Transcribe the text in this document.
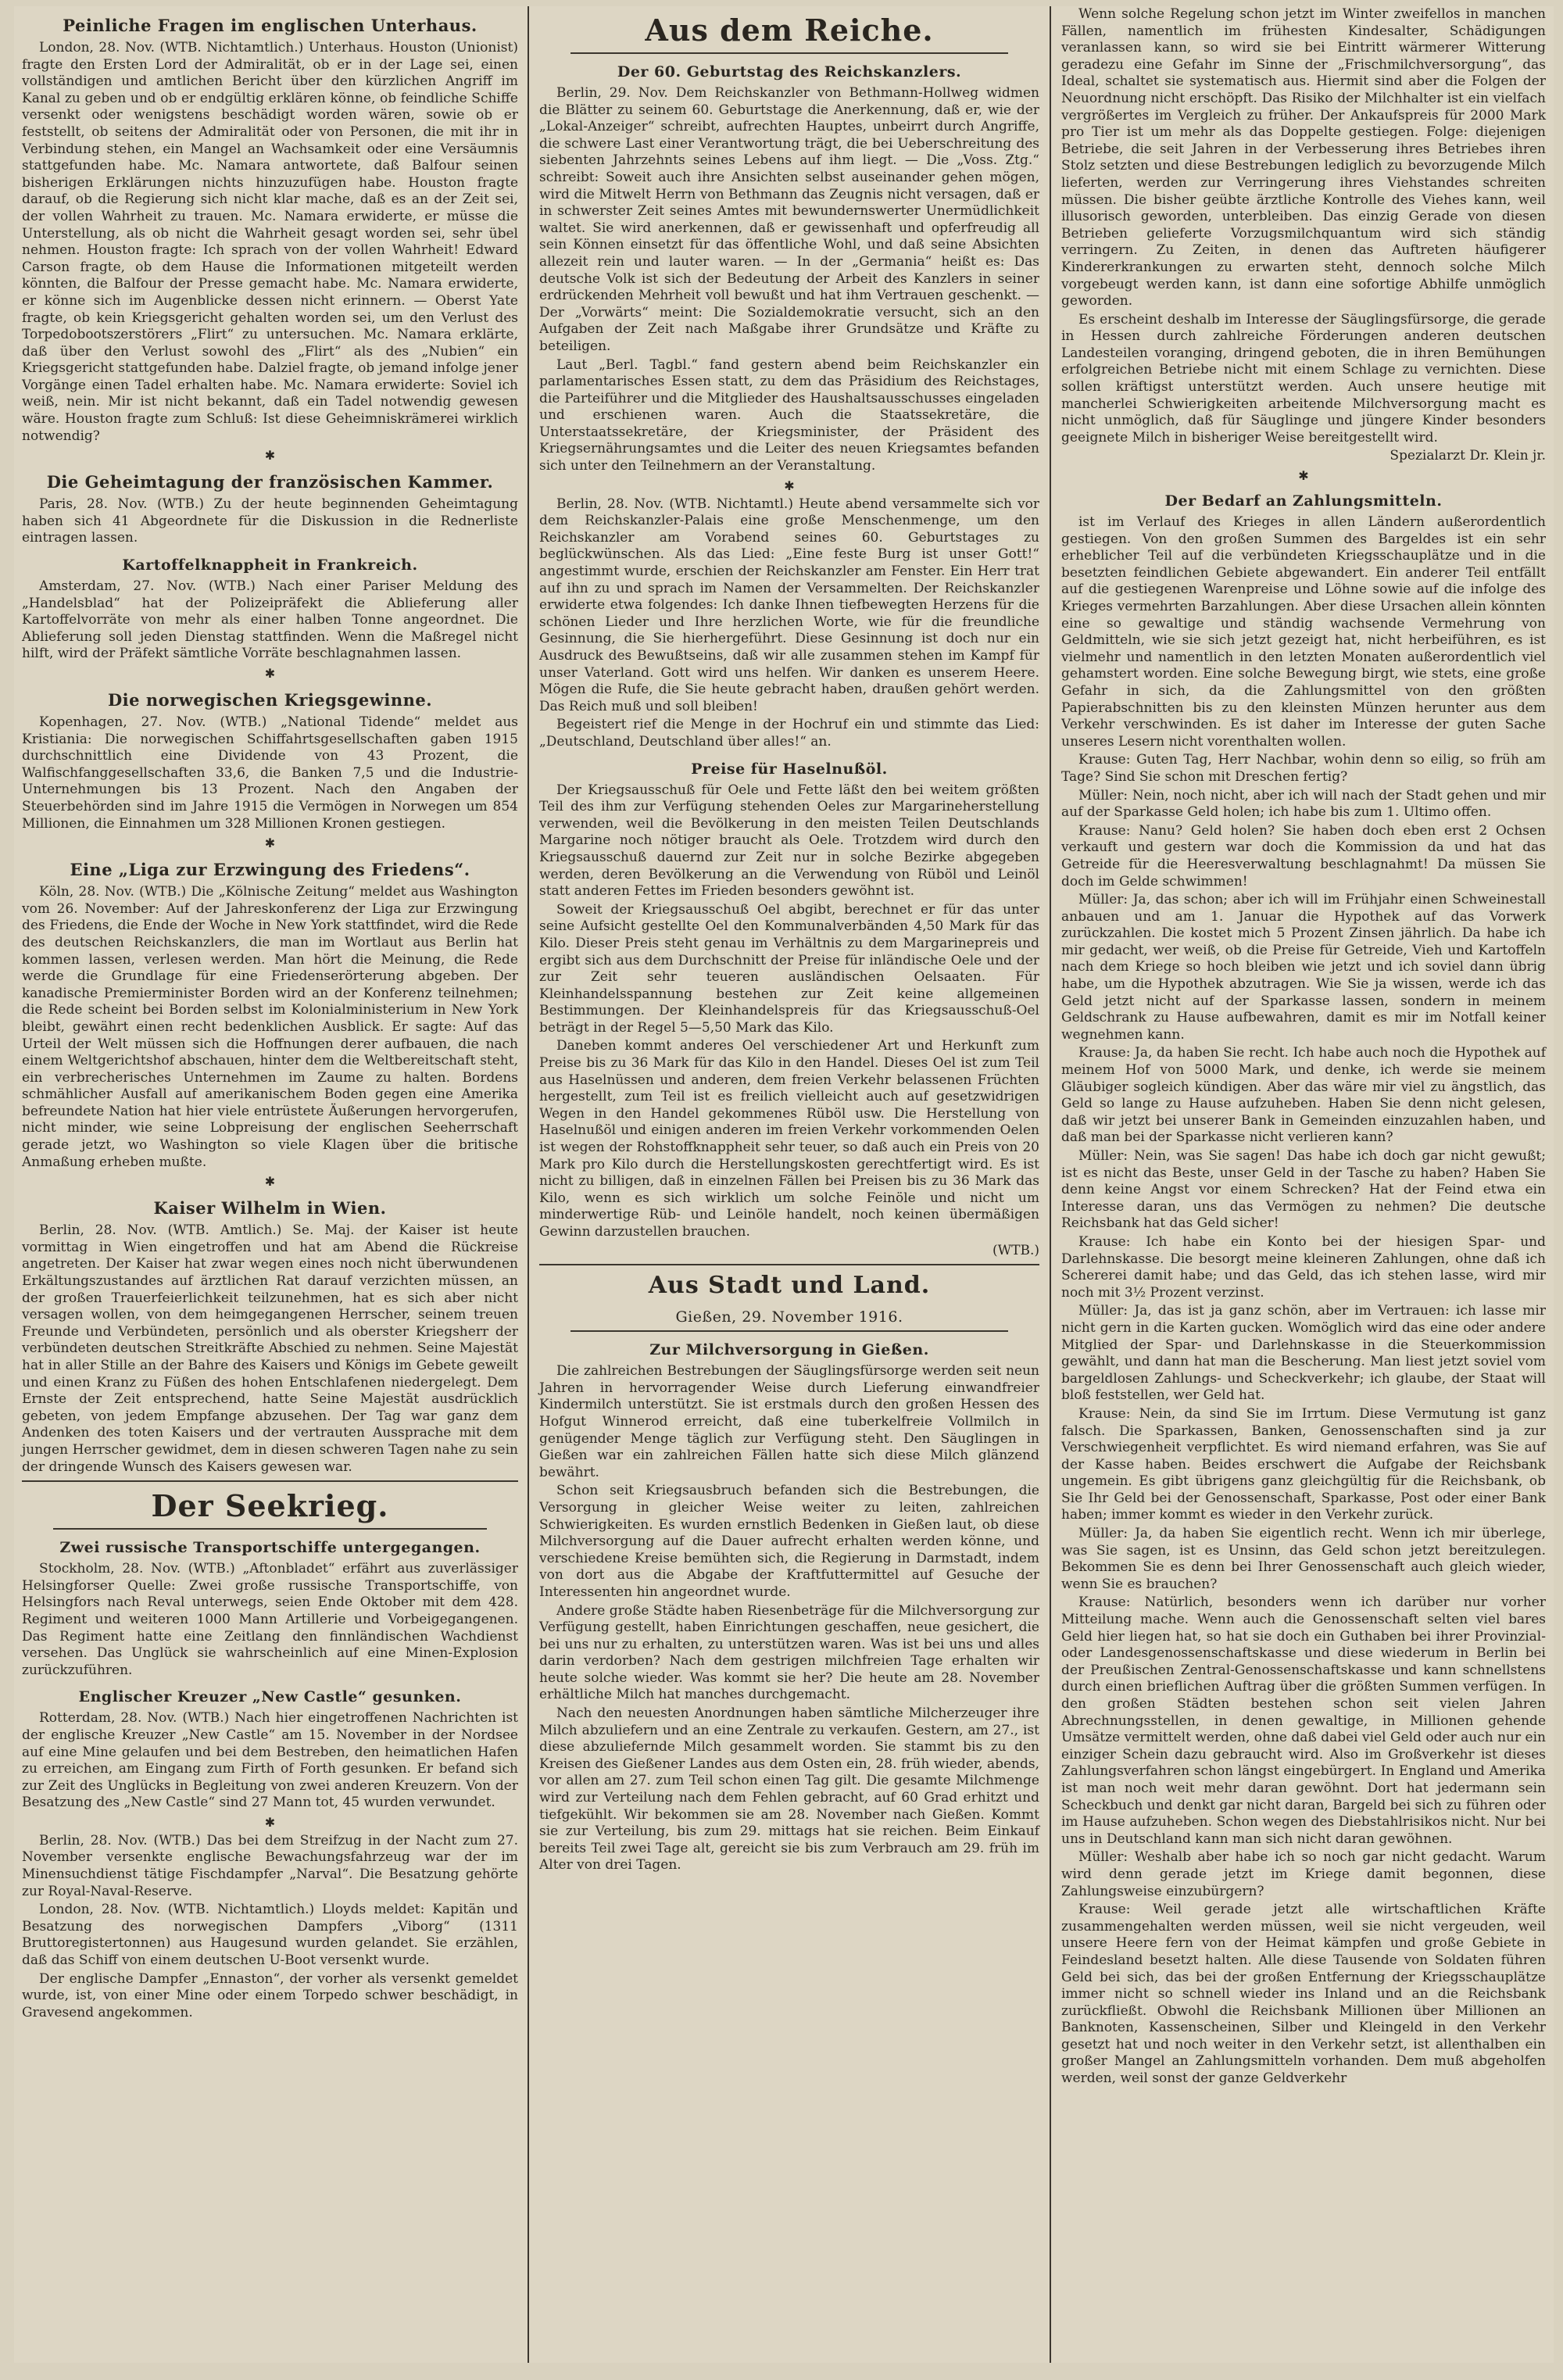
Peinliche Fragen im englischen Unterhaus.

London, 28. Nov. (WTB. Nichtamtlich.) Unterhaus. Houston (Unionist) fragte den Ersten Lord der Admiralität, ob er in der Lage sei, einen vollständigen und amtlichen Bericht über den kürzlichen Angriff im Kanal zu geben und ob er endgültig erklären könne, ob feindliche Schiffe versenkt oder wenigstens beschädigt worden wären, sowie ob er feststellt, ob seitens der Admiralität oder von Personen, die mit ihr in Verbindung stehen, ein Mangel an Wachsamkeit oder eine Versäumnis stattgefunden habe. Mc. Namara antwortete, daß Balfour seinen bisherigen Erklärungen nichts hinzuzufügen habe. Houston fragte darauf, ob die Regierung sich nicht klar mache, daß es an der Zeit sei, der vollen Wahrheit zu trauen. Mc. Namara erwiderte, er müsse die Unterstellung, als ob nicht die Wahrheit gesagt worden sei, sehr übel nehmen. Houston fragte: Ich sprach von der vollen Wahrheit! Edward Carson fragte, ob dem Hause die Informationen mitgeteilt werden könnten, die Balfour der Presse gemacht habe. Mc. Namara erwiderte, er könne sich im Augenblicke dessen nicht erinnern. — Oberst Yate fragte, ob kein Kriegsgericht gehalten worden sei, um den Verlust des Torpedobootszerstörers „Flirt“ zu untersuchen. Mc. Namara erklärte, daß über den Verlust sowohl des „Flirt“ als des „Nubien“ ein Kriegsgericht stattgefunden habe. Dalziel fragte, ob jemand infolge jener Vorgänge einen Tadel erhalten habe. Mc. Namara erwiderte: Soviel ich weiß, nein. Mir ist nicht bekannt, daß ein Tadel notwendig gewesen wäre. Houston fragte zum Schluß: Ist diese Geheimniskrämerei wirklich notwendig?

✱
Die Geheimtagung der französischen Kammer.

Paris, 28. Nov. (WTB.) Zu der heute beginnenden Geheimtagung haben sich 41 Abgeordnete für die Diskussion in die Rednerliste eintragen lassen.

Kartoffelknappheit in Frankreich.

Amsterdam, 27. Nov. (WTB.) Nach einer Pariser Meldung des „Handelsblad“ hat der Polizeipräfekt die Ablieferung aller Kartoffelvorräte von mehr als einer halben Tonne angeordnet. Die Ablieferung soll jeden Dienstag stattfinden. Wenn die Maßregel nicht hilft, wird der Präfekt sämtliche Vorräte beschlagnahmen lassen.

✱
Die norwegischen Kriegsgewinne.

Kopenhagen, 27. Nov. (WTB.) „National Tidende“ meldet aus Kristiania: Die norwegischen Schiffahrtsgesellschaften gaben 1915 durchschnittlich eine Dividende von 43 Prozent, die Walfischfanggesellschaften 33,6, die Banken 7,5 und die Industrie-Unternehmungen bis 13 Prozent. Nach den Angaben der Steuerbehörden sind im Jahre 1915 die Vermögen in Norwegen um 854 Millionen, die Einnahmen um 328 Millionen Kronen gestiegen.

✱
Eine „Liga zur Erzwingung des Friedens“.

Köln, 28. Nov. (WTB.) Die „Kölnische Zeitung“ meldet aus Washington vom 26. November: Auf der Jahreskonferenz der Liga zur Erzwingung des Friedens, die Ende der Woche in New York stattfindet, wird die Rede des deutschen Reichskanzlers, die man im Wortlaut aus Berlin hat kommen lassen, verlesen werden. Man hört die Meinung, die Rede werde die Grundlage für eine Friedenserörterung abgeben. Der kanadische Premierminister Borden wird an der Konferenz teilnehmen; die Rede scheint bei Borden selbst im Kolonialministerium in New York bleibt, gewährt einen recht bedenklichen Ausblick. Er sagte: Auf das Urteil der Welt müssen sich die Hoffnungen derer aufbauen, die nach einem Weltgerichtshof abschauen, hinter dem die Weltbereitschaft steht, ein verbrecherisches Unternehmen im Zaume zu halten. Bordens schmählicher Ausfall auf amerikanischem Boden gegen eine Amerika befreundete Nation hat hier viele entrüstete Äußerungen hervorgerufen, nicht minder, wie seine Lobpreisung der englischen Seeherrschaft gerade jetzt, wo Washington so viele Klagen über die britische Anmaßung erheben mußte.

✱
Kaiser Wilhelm in Wien.

Berlin, 28. Nov. (WTB. Amtlich.) Se. Maj. der Kaiser ist heute vormittag in Wien eingetroffen und hat am Abend die Rückreise angetreten. Der Kaiser hat zwar wegen eines noch nicht überwundenen Erkältungszustandes auf ärztlichen Rat darauf verzichten müssen, an der großen Trauerfeierlichkeit teilzunehmen, hat es sich aber nicht versagen wollen, von dem heimgegangenen Herrscher, seinem treuen Freunde und Verbündeten, persönlich und als oberster Kriegsherr der verbündeten deutschen Streitkräfte Abschied zu nehmen. Seine Majestät hat in aller Stille an der Bahre des Kaisers und Königs im Gebete geweilt und einen Kranz zu Füßen des hohen Entschlafenen niedergelegt. Dem Ernste der Zeit entsprechend, hatte Seine Majestät ausdrücklich gebeten, von jedem Empfange abzusehen. Der Tag war ganz dem Andenken des toten Kaisers und der vertrauten Aussprache mit dem jungen Herrscher gewidmet, dem in diesen schweren Tagen nahe zu sein der dringende Wunsch des Kaisers gewesen war.

Der Seekrieg.
Zwei russische Transportschiffe untergegangen.

Stockholm, 28. Nov. (WTB.) „Aftonbladet“ erfährt aus zuverlässiger Helsingforser Quelle: Zwei große russische Transportschiffe, von Helsingfors nach Reval unterwegs, seien Ende Oktober mit dem 428. Regiment und weiteren 1000 Mann Artillerie und Vorbeigegangenen. Das Regiment hatte eine Zeitlang den finnländischen Wachdienst versehen. Das Unglück sie wahrscheinlich auf eine Minen-Explosion zurückzuführen.

Englischer Kreuzer „New Castle“ gesunken.

Rotterdam, 28. Nov. (WTB.) Nach hier eingetroffenen Nachrichten ist der englische Kreuzer „New Castle“ am 15. November in der Nordsee auf eine Mine gelaufen und bei dem Bestreben, den heimatlichen Hafen zu erreichen, am Eingang zum Firth of Forth gesunken. Er befand sich zur Zeit des Unglücks in Begleitung von zwei anderen Kreuzern. Von der Besatzung des „New Castle“ sind 27 Mann tot, 45 wurden verwundet.

✱

Berlin, 28. Nov. (WTB.) Das bei dem Streifzug in der Nacht zum 27. November versenkte englische Bewachungsfahrzeug war der im Minensuchdienst tätige Fischdampfer „Narval“. Die Besatzung gehörte zur Royal-Naval-Reserve.

London, 28. Nov. (WTB. Nichtamtlich.) Lloyds meldet: Kapitän und Besatzung des norwegischen Dampfers „Viborg“ (1311 Bruttoregistertonnen) aus Haugesund wurden gelandet. Sie erzählen, daß das Schiff von einem deutschen U-Boot versenkt wurde.

Der englische Dampfer „Ennaston“, der vorher als versenkt gemeldet wurde, ist, von einer Mine oder einem Torpedo schwer beschädigt, in Gravesend angekommen.

Aus dem Reiche.
Der 60. Geburtstag des Reichskanzlers.

Berlin, 29. Nov. Dem Reichskanzler von Bethmann-Hollweg widmen die Blätter zu seinem 60. Geburtstage die Anerkennung, daß er, wie der „Lokal-Anzeiger“ schreibt, aufrechten Hauptes, unbeirrt durch Angriffe, die schwere Last einer Verantwortung trägt, die bei Ueberschreitung des siebenten Jahrzehnts seines Lebens auf ihm liegt. — Die „Voss. Ztg.“ schreibt: Soweit auch ihre Ansichten selbst auseinander gehen mögen, wird die Mitwelt Herrn von Bethmann das Zeugnis nicht versagen, daß er in schwerster Zeit seines Amtes mit bewundernswerter Unermüdlichkeit waltet. Sie wird anerkennen, daß er gewissenhaft und opferfreudig all sein Können einsetzt für das öffentliche Wohl, und daß seine Absichten allezeit rein und lauter waren. — In der „Germania“ heißt es: Das deutsche Volk ist sich der Bedeutung der Arbeit des Kanzlers in seiner erdrückenden Mehrheit voll bewußt und hat ihm Vertrauen geschenkt. — Der „Vorwärts“ meint: Die Sozialdemokratie versucht, sich an den Aufgaben der Zeit nach Maßgabe ihrer Grundsätze und Kräfte zu beteiligen.

Laut „Berl. Tagbl.“ fand gestern abend beim Reichskanzler ein parlamentarisches Essen statt, zu dem das Präsidium des Reichstages, die Parteiführer und die Mitglieder des Haushaltsausschusses eingeladen und erschienen waren. Auch die Staatssekretäre, die Unterstaatssekretäre, der Kriegsminister, der Präsident des Kriegsernährungsamtes und die Leiter des neuen Kriegsamtes befanden sich unter den Teilnehmern an der Veranstaltung.

✱

Berlin, 28. Nov. (WTB. Nichtamtl.) Heute abend versammelte sich vor dem Reichskanzler-Palais eine große Menschenmenge, um den Reichskanzler am Vorabend seines 60. Geburtstages zu beglückwünschen. Als das Lied: „Eine feste Burg ist unser Gott!“ angestimmt wurde, erschien der Reichskanzler am Fenster. Ein Herr trat auf ihn zu und sprach im Namen der Versammelten. Der Reichskanzler erwiderte etwa folgendes: Ich danke Ihnen tiefbewegten Herzens für die schönen Lieder und Ihre herzlichen Worte, wie für die freundliche Gesinnung, die Sie hierhergeführt. Diese Gesinnung ist doch nur ein Ausdruck des Bewußtseins, daß wir alle zusammen stehen im Kampf für unser Vaterland. Gott wird uns helfen. Wir danken es unserem Heere. Mögen die Rufe, die Sie heute gebracht haben, draußen gehört werden. Das Reich muß und soll bleiben!

Begeistert rief die Menge in der Hochruf ein und stimmte das Lied: „Deutschland, Deutschland über alles!“ an.

Preise für Haselnußöl.

Der Kriegsausschuß für Oele und Fette läßt den bei weitem größten Teil des ihm zur Verfügung stehenden Oeles zur Margarineherstellung verwenden, weil die Bevölkerung in den meisten Teilen Deutschlands Margarine noch nötiger braucht als Oele. Trotzdem wird durch den Kriegsausschuß dauernd zur Zeit nur in solche Bezirke abgegeben werden, deren Bevölkerung an die Verwendung von Rüböl und Leinöl statt anderen Fettes im Frieden besonders gewöhnt ist.

Soweit der Kriegsausschuß Oel abgibt, berechnet er für das unter seine Aufsicht gestellte Oel den Kommunalverbänden 4,50 Mark für das Kilo. Dieser Preis steht genau im Verhältnis zu dem Margarinepreis und ergibt sich aus dem Durchschnitt der Preise für inländische Oele und der zur Zeit sehr teueren ausländischen Oelsaaten. Für Kleinhandelsspannung bestehen zur Zeit keine allgemeinen Bestimmungen. Der Kleinhandelspreis für das Kriegsausschuß-Oel beträgt in der Regel 5—5,50 Mark das Kilo.

Daneben kommt anderes Oel verschiedener Art und Herkunft zum Preise bis zu 36 Mark für das Kilo in den Handel. Dieses Oel ist zum Teil aus Haselnüssen und anderen, dem freien Verkehr belassenen Früchten hergestellt, zum Teil ist es freilich vielleicht auch auf gesetzwidrigen Wegen in den Handel gekommenes Rüböl usw. Die Herstellung von Haselnußöl und einigen anderen im freien Verkehr vorkommenden Oelen ist wegen der Rohstoffknappheit sehr teuer, so daß auch ein Preis von 20 Mark pro Kilo durch die Herstellungskosten gerechtfertigt wird. Es ist nicht zu billigen, daß in einzelnen Fällen bei Preisen bis zu 36 Mark das Kilo, wenn es sich wirklich um solche Feinöle und nicht um minderwertige Rüb- und Leinöle handelt, noch keinen übermäßigen Gewinn darzustellen brauchen.

(WTB.)

Aus Stadt und Land.
Gießen, 29. November 1916.
Zur Milchversorgung in Gießen.

Die zahlreichen Bestrebungen der Säuglingsfürsorge werden seit neun Jahren in hervorragender Weise durch Lieferung einwandfreier Kindermilch unterstützt. Sie ist erstmals durch den großen Hessen des Hofgut Winnerod erreicht, daß eine tuberkelfreie Vollmilch in genügender Menge täglich zur Verfügung steht. Den Säuglingen in Gießen war ein zahlreichen Fällen hatte sich diese Milch glänzend bewährt.

Schon seit Kriegsausbruch befanden sich die Bestrebungen, die Versorgung in gleicher Weise weiter zu leiten, zahlreichen Schwierigkeiten. Es wurden ernstlich Bedenken in Gießen laut, ob diese Milchversorgung auf die Dauer aufrecht erhalten werden könne, und verschiedene Kreise bemühten sich, die Regierung in Darmstadt, indem von dort aus die Abgabe der Kraftfuttermittel auf Gesuche der Interessenten hin angeordnet wurde.

Andere große Städte haben Riesenbeträge für die Milchversorgung zur Verfügung gestellt, haben Einrichtungen geschaffen, neue gesichert, die bei uns nur zu erhalten, zu unterstützen waren. Was ist bei uns und alles darin verdorben? Nach dem gestrigen milchfreien Tage erhalten wir heute solche wieder. Was kommt sie her? Die heute am 28. November erhältliche Milch hat manches durchgemacht.

Nach den neuesten Anordnungen haben sämtliche Milcherzeuger ihre Milch abzuliefern und an eine Zentrale zu verkaufen. Gestern, am 27., ist diese abzuliefernde Milch gesammelt worden. Sie stammt bis zu den Kreisen des Gießener Landes aus dem Osten ein, 28. früh wieder, abends, vor allen am 27. zum Teil schon einen Tag gilt. Die gesamte Milchmenge wird zur Verteilung nach dem Fehlen gebracht, auf 60 Grad erhitzt und tiefgekühlt. Wir bekommen sie am 28. November nach Gießen. Kommt sie zur Verteilung, bis zum 29. mittags hat sie reichen. Beim Einkauf bereits Teil zwei Tage alt, gereicht sie bis zum Verbrauch am 29. früh im Alter von drei Tagen.

Wenn solche Regelung schon jetzt im Winter zweifellos in manchen Fällen, namentlich im frühesten Kindesalter, Schädigungen veranlassen kann, so wird sie bei Eintritt wärmerer Witterung geradezu eine Gefahr im Sinne der „Frischmilchversorgung“, das Ideal, schaltet sie systematisch aus. Hiermit sind aber die Folgen der Neuordnung nicht erschöpft. Das Risiko der Milchhalter ist ein vielfach vergrößertes im Vergleich zu früher. Der Ankaufspreis für 2000 Mark pro Tier ist um mehr als das Doppelte gestiegen. Folge: diejenigen Betriebe, die seit Jahren in der Verbesserung ihres Betriebes ihren Stolz setzten und diese Bestrebungen lediglich zu bevorzugende Milch lieferten, werden zur Verringerung ihres Viehstandes schreiten müssen. Die bisher geübte ärztliche Kontrolle des Viehes kann, weil illusorisch geworden, unterbleiben. Das einzig Gerade von diesen Betrieben gelieferte Vorzugsmilchquantum wird sich ständig verringern. Zu Zeiten, in denen das Auftreten häufigerer Kindererkrankungen zu erwarten steht, dennoch solche Milch vorgebeugt werden kann, ist dann eine sofortige Abhilfe unmöglich geworden.

Es erscheint deshalb im Interesse der Säuglingsfürsorge, die gerade in Hessen durch zahlreiche Förderungen anderen deutschen Landesteilen voranging, dringend geboten, die in ihren Bemühungen erfolgreichen Betriebe nicht mit einem Schlage zu vernichten. Diese sollen kräftigst unterstützt werden. Auch unsere heutige mit mancherlei Schwierigkeiten arbeitende Milchversorgung macht es nicht unmöglich, daß für Säuglinge und jüngere Kinder besonders geeignete Milch in bisheriger Weise bereitgestellt wird.

Spezialarzt Dr. Klein jr.

✱
Der Bedarf an Zahlungsmitteln.

ist im Verlauf des Krieges in allen Ländern außerordentlich gestiegen. Von den großen Summen des Bargeldes ist ein sehr erheblicher Teil auf die verbündeten Kriegsschauplätze und in die besetzten feindlichen Gebiete abgewandert. Ein anderer Teil entfällt auf die gestiegenen Warenpreise und Löhne sowie auf die infolge des Krieges vermehrten Barzahlungen. Aber diese Ursachen allein könnten eine so gewaltige und ständig wachsende Vermehrung von Geldmitteln, wie sie sich jetzt gezeigt hat, nicht herbeiführen, es ist vielmehr und namentlich in den letzten Monaten außerordentlich viel gehamstert worden. Eine solche Bewegung birgt, wie stets, eine große Gefahr in sich, da die Zahlungsmittel von den größten Papierabschnitten bis zu den kleinsten Münzen herunter aus dem Verkehr verschwinden. Es ist daher im Interesse der guten Sache unseres Lesern nicht vorenthalten wollen.

Krause: Guten Tag, Herr Nachbar, wohin denn so eilig, so früh am Tage? Sind Sie schon mit Dreschen fertig?

Müller: Nein, noch nicht, aber ich will nach der Stadt gehen und mir auf der Sparkasse Geld holen; ich habe bis zum 1. Ultimo offen.

Krause: Nanu? Geld holen? Sie haben doch eben erst 2 Ochsen verkauft und gestern war doch die Kommission da und hat das Getreide für die Heeresverwaltung beschlagnahmt! Da müssen Sie doch im Gelde schwimmen!

Müller: Ja, das schon; aber ich will im Frühjahr einen Schweinestall anbauen und am 1. Januar die Hypothek auf das Vorwerk zurückzahlen. Die kostet mich 5 Prozent Zinsen jährlich. Da habe ich mir gedacht, wer weiß, ob die Preise für Getreide, Vieh und Kartoffeln nach dem Kriege so hoch bleiben wie jetzt und ich soviel dann übrig habe, um die Hypothek abzutragen. Wie Sie ja wissen, werde ich das Geld jetzt nicht auf der Sparkasse lassen, sondern in meinem Geldschrank zu Hause aufbewahren, damit es mir im Notfall keiner wegnehmen kann.

Krause: Ja, da haben Sie recht. Ich habe auch noch die Hypothek auf meinem Hof von 5000 Mark, und denke, ich werde sie meinem Gläubiger sogleich kündigen. Aber das wäre mir viel zu ängstlich, das Geld so lange zu Hause aufzuheben. Haben Sie denn nicht gelesen, daß wir jetzt bei unserer Bank in Gemeinden einzuzahlen haben, und daß man bei der Sparkasse nicht verlieren kann?

Müller: Nein, was Sie sagen! Das habe ich doch gar nicht gewußt; ist es nicht das Beste, unser Geld in der Tasche zu haben? Haben Sie denn keine Angst vor einem Schrecken? Hat der Feind etwa ein Interesse daran, uns das Vermögen zu nehmen? Die deutsche Reichsbank hat das Geld sicher!

Krause: Ich habe ein Konto bei der hiesigen Spar- und Darlehnskasse. Die besorgt meine kleineren Zahlungen, ohne daß ich Schererei damit habe; und das Geld, das ich stehen lasse, wird mir noch mit 3½ Prozent verzinst.

Müller: Ja, das ist ja ganz schön, aber im Vertrauen: ich lasse mir nicht gern in die Karten gucken. Womöglich wird das eine oder andere Mitglied der Spar- und Darlehnskasse in die Steuerkommission gewählt, und dann hat man die Bescherung. Man liest jetzt soviel vom bargeldlosen Zahlungs- und Scheckverkehr; ich glaube, der Staat will bloß feststellen, wer Geld hat.

Krause: Nein, da sind Sie im Irrtum. Diese Vermutung ist ganz falsch. Die Sparkassen, Banken, Genossenschaften sind ja zur Verschwiegenheit verpflichtet. Es wird niemand erfahren, was Sie auf der Kasse haben. Beides erschwert die Aufgabe der Reichsbank ungemein. Es gibt übrigens ganz gleichgültig für die Reichsbank, ob Sie Ihr Geld bei der Genossenschaft, Sparkasse, Post oder einer Bank haben; immer kommt es wieder in den Verkehr zurück.

Müller: Ja, da haben Sie eigentlich recht. Wenn ich mir überlege, was Sie sagen, ist es Unsinn, das Geld schon jetzt bereitzulegen. Bekommen Sie es denn bei Ihrer Genossenschaft auch gleich wieder, wenn Sie es brauchen?

Krause: Natürlich, besonders wenn ich darüber nur vorher Mitteilung mache. Wenn auch die Genossenschaft selten viel bares Geld hier liegen hat, so hat sie doch ein Guthaben bei ihrer Provinzial- oder Landesgenossenschaftskasse und diese wiederum in Berlin bei der Preußischen Zentral-Genossenschaftskasse und kann schnellstens durch einen brieflichen Auftrag über die größten Summen verfügen. In den großen Städten bestehen schon seit vielen Jahren Abrechnungsstellen, in denen gewaltige, in Millionen gehende Umsätze vermittelt werden, ohne daß dabei viel Geld oder auch nur ein einziger Schein dazu gebraucht wird. Also im Großverkehr ist dieses Zahlungsverfahren schon längst eingebürgert. In England und Amerika ist man noch weit mehr daran gewöhnt. Dort hat jedermann sein Scheckbuch und denkt gar nicht daran, Bargeld bei sich zu führen oder im Hause aufzuheben. Schon wegen des Diebstahlrisikos nicht. Nur bei uns in Deutschland kann man sich nicht daran gewöhnen.

Müller: Weshalb aber habe ich so noch gar nicht gedacht. Warum wird denn gerade jetzt im Kriege damit begonnen, diese Zahlungsweise einzubürgern?

Krause: Weil gerade jetzt alle wirtschaftlichen Kräfte zusammengehalten werden müssen, weil sie nicht vergeuden, weil unsere Heere fern von der Heimat kämpfen und große Gebiete in Feindesland besetzt halten. Alle diese Tausende von Soldaten führen Geld bei sich, das bei der großen Entfernung der Kriegsschauplätze immer nicht so schnell wieder ins Inland und an die Reichsbank zurückfließt. Obwohl die Reichsbank Millionen über Millionen an Banknoten, Kassenscheinen, Silber und Kleingeld in den Verkehr gesetzt hat und noch weiter in den Verkehr setzt, ist allenthalben ein großer Mangel an Zahlungsmitteln vorhanden. Dem muß abgeholfen werden, weil sonst der ganze Geldverkehr
